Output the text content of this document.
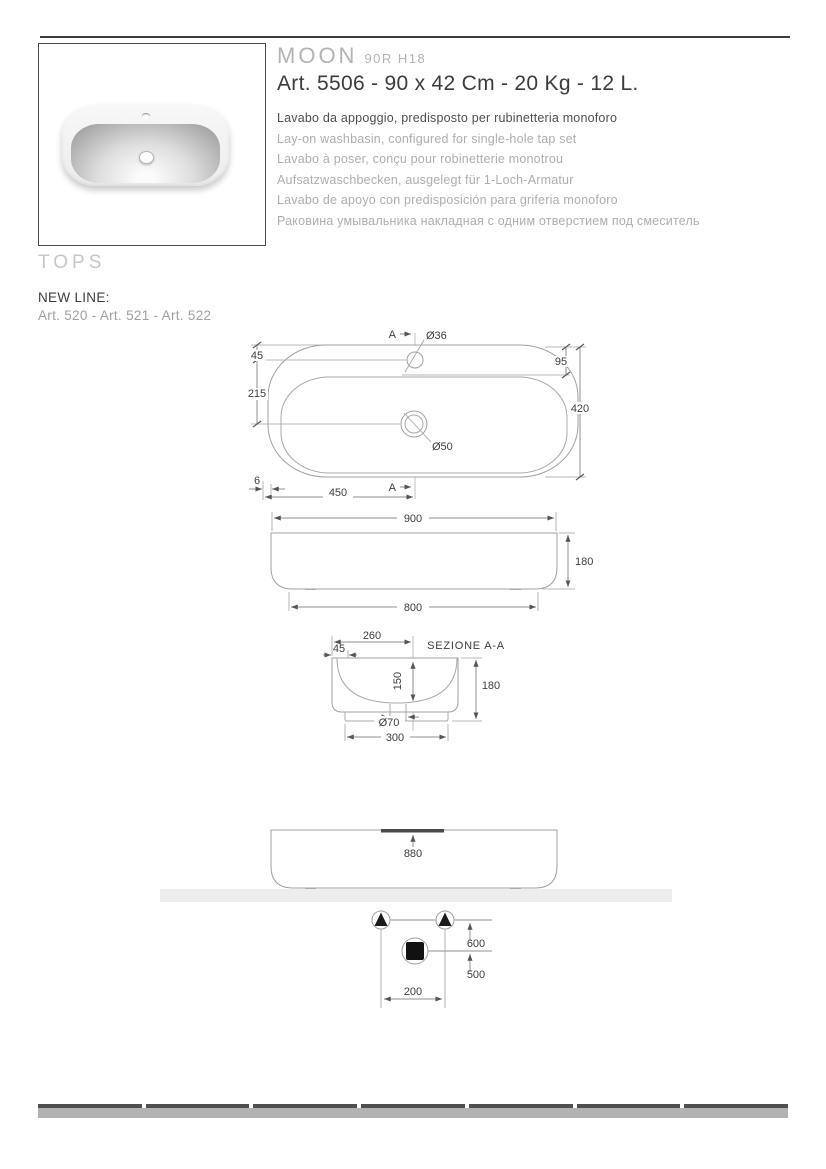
MOON 90R H18
Art. 5506 - 90 x 42 Cm - 20 Kg - 12 L.
Lavabo da appoggio, predisposto per rubinetteria monoforo
Lay-on washbasin, configured for single-hole tap set
Lavabo à poser, conçu pour robinetterie monotrou
Aufsatzwaschbecken, ausgelegt für 1-Loch-Armatur
Lavabo de apoyo con predisposición para griferia monoforo
Раковина умывальника накладная с одним отверстием под смеситель
TOPS
NEW LINE:
Art. 520 - Art. 521 - Art. 522
A	Ø36
45
215
95
420
Ø50
6
450	A
900
180
800
SEZIONE A-A
260
45
150	180
Ø70
300
880
600
500
200
